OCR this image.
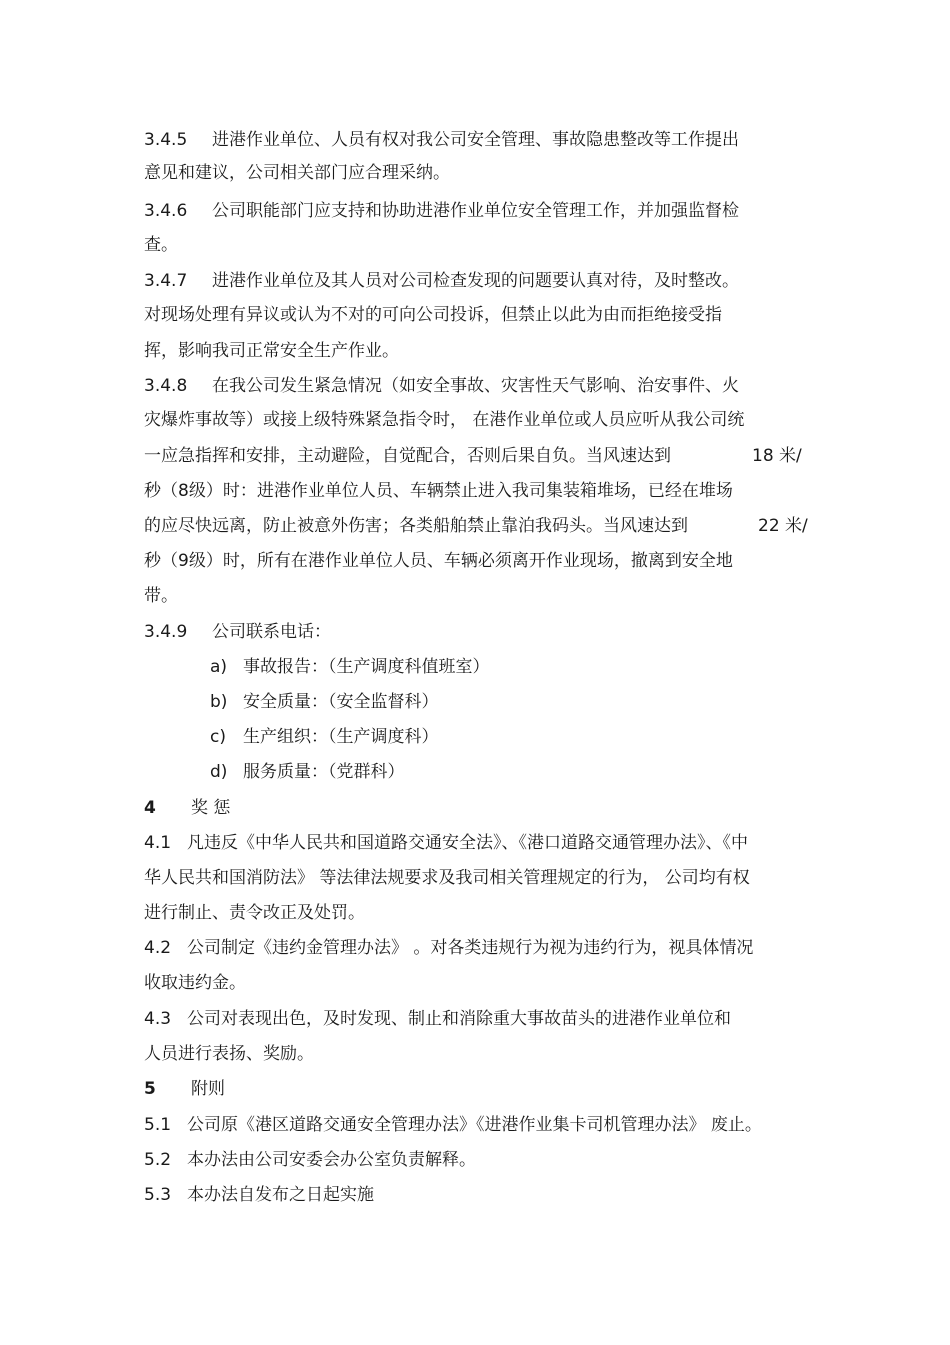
3.4.5 进港作业单位、人员有权对我公司安全管理、事故隐患整改等工作提出
意见和建议，公司相关部门应合理采纳。
3.4.6 公司职能部门应支持和协助进港作业单位安全管理工作，并加强监督检
查。
3.4.7 进港作业单位及其人员对公司检查发现的问题要认真对待，及时整改。
对现场处理有异议或认为不对的可向公司投诉，但禁止以此为由而拒绝接受指
挥，影响我司正常安全生产作业。
3.4.8 在我公司发生紧急情况（如安全事故、灾害性天气影响、治安事件、火
灾爆炸事故等）或接上级特殊紧急指令时， 在港作业单位或人员应听从我公司统
一应急指挥和安排，主动避险，自觉配合，否则后果自负。当风速达到	18 米/
秒（8级）时：进港作业单位人员、车辆禁止进入我司集装箱堆场，已经在堆场
的应尽快远离，防止被意外伤害；各类船舶禁止靠泊我码头。当风速达到	22 米/
秒（9级）时，所有在港作业单位人员、车辆必须离开作业现场，撤离到安全地
带。
3.4.9 公司联系电话：
a) 事故报告：（生产调度科值班室）
b) 安全质量：（安全监督科）
c) 生产组织：（生产调度科）
d) 服务质量：（党群科）
4 奖 惩
4.1 凡违反《中华人民共和国道路交通安全法》、《港口道路交通管理办法》、《中
华人民共和国消防法》 等法律法规要求及我司相关管理规定的行为， 公司均有权
进行制止、责令改正及处罚。
4.2 公司制定《违约金管理办法》 。对各类违规行为视为违约行为，视具体情况
收取违约金。
4.3 公司对表现出色，及时发现、制止和消除重大事故苗头的进港作业单位和
人员进行表扬、奖励。
5 附则
5.1 公司原《港区道路交通安全管理办法》《进港作业集卡司机管理办法》 废止。
5.2 本办法由公司安委会办公室负责解释。
5.3 本办法自发布之日起实施
